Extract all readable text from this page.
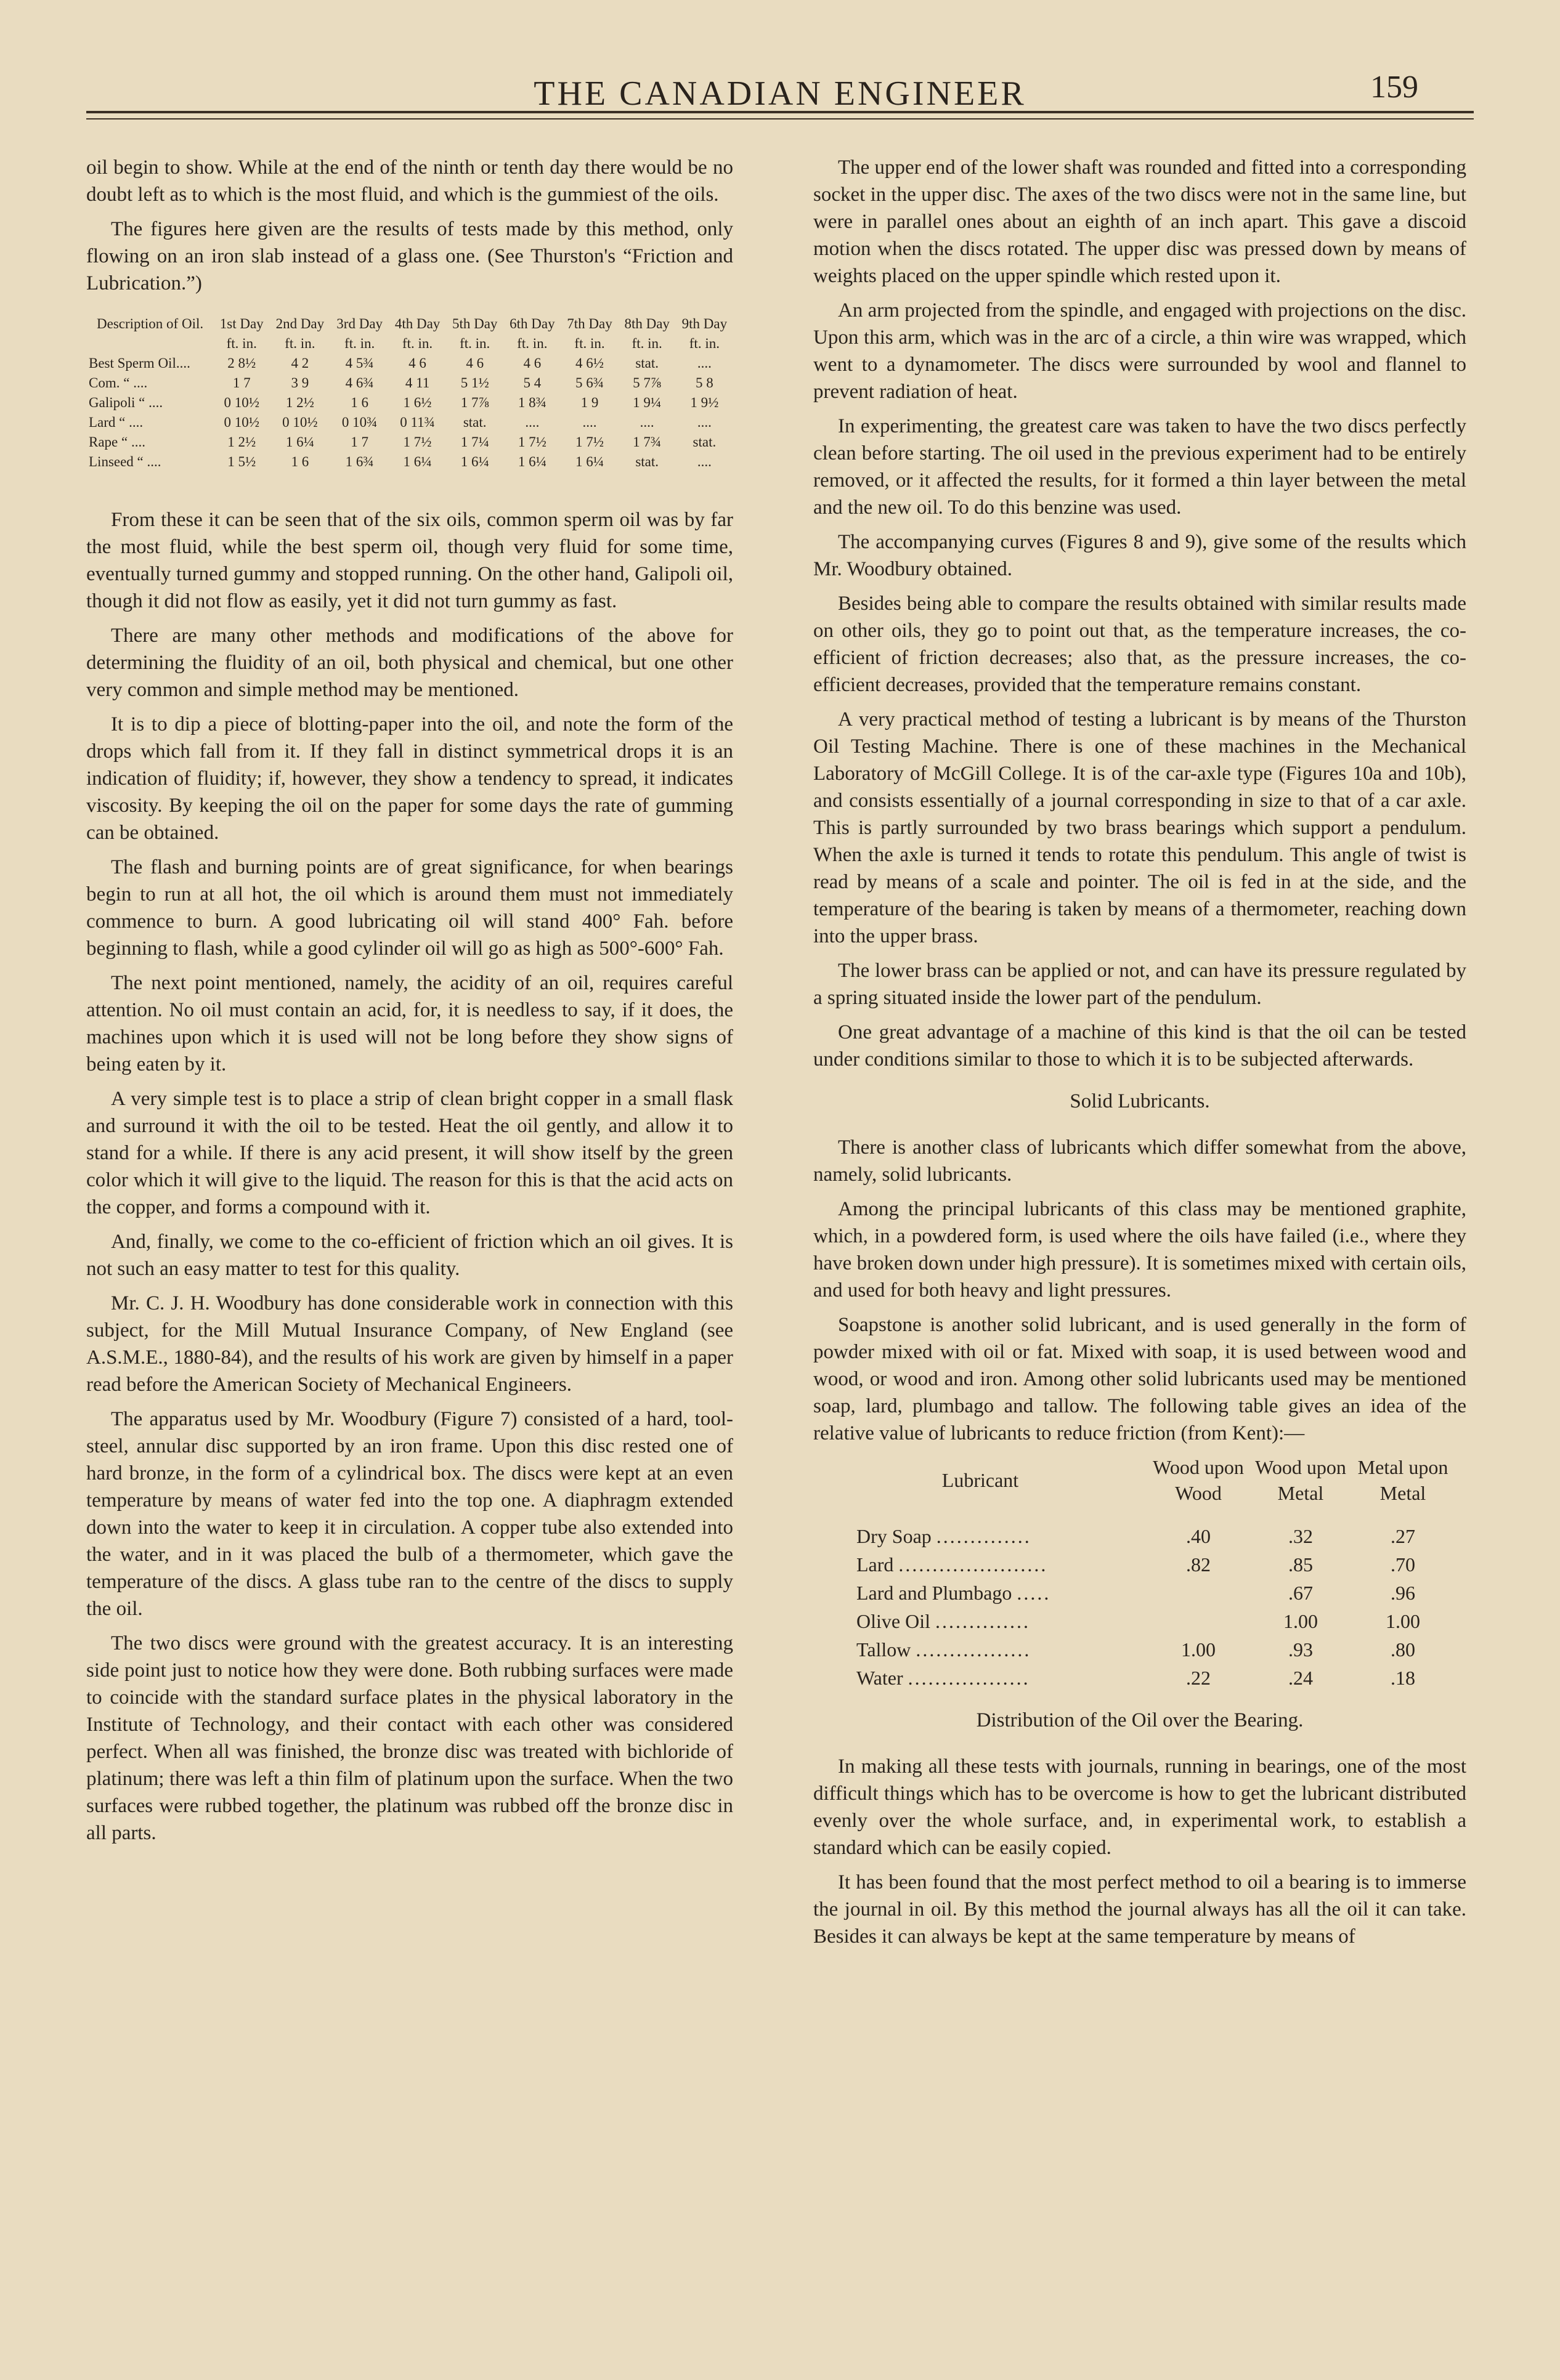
THE CANADIAN ENGINEER	159

oil begin to show. While at the end of the ninth or tenth day there would be no doubt left as to which is the most fluid, and which is the gummiest of the oils.

The figures here given are the results of tests made by this method, only flowing on an iron slab instead of a glass one. (See Thurston's “Friction and Lubrication.”)

Description of Oil.	1st Day	2nd Day	3rd Day	4th Day	5th Day	6th Day	7th Day	8th Day	9th Day
	ft. in.	ft. in.	ft. in.	ft. in.	ft. in.	ft. in.	ft. in.	ft. in.	ft. in.
Best Sperm Oil....	2 8½	4 2	4 5¾	4 6	4 6	4 6	4 6½	stat.	....
Com. “ ....	1 7	3 9	4 6¾	4 11	5 1½	5 4	5 6¾	5 7⅞	5 8
Galipoli “ ....	0 10½	1 2½	1 6	1 6½	1 7⅞	1 8¾	1 9	1 9¼	1 9½
Lard “ ....	0 10½	0 10½	0 10¾	0 11¾	stat.	....	....	....	....
Rape “ ....	1 2½	1 6¼	1 7	1 7½	1 7¼	1 7½	1 7½	1 7¾	stat.
Linseed “ ....	1 5½	1 6	1 6¾	1 6¼	1 6¼	1 6¼	1 6¼	stat.	....

From these it can be seen that of the six oils, common sperm oil was by far the most fluid, while the best sperm oil, though very fluid for some time, eventually turned gummy and stopped running. On the other hand, Galipoli oil, though it did not flow as easily, yet it did not turn gummy as fast.

There are many other methods and modifications of the above for determining the fluidity of an oil, both physical and chemical, but one other very common and simple method may be mentioned.

It is to dip a piece of blotting-paper into the oil, and note the form of the drops which fall from it. If they fall in distinct symmetrical drops it is an indication of fluidity; if, however, they show a tendency to spread, it indicates viscosity. By keeping the oil on the paper for some days the rate of gumming can be obtained.

The flash and burning points are of great significance, for when bearings begin to run at all hot, the oil which is around them must not immediately commence to burn. A good lubricating oil will stand 400° Fah. before beginning to flash, while a good cylinder oil will go as high as 500°-600° Fah.

The next point mentioned, namely, the acidity of an oil, requires careful attention. No oil must contain an acid, for, it is needless to say, if it does, the machines upon which it is used will not be long before they show signs of being eaten by it.

A very simple test is to place a strip of clean bright copper in a small flask and surround it with the oil to be tested. Heat the oil gently, and allow it to stand for a while. If there is any acid present, it will show itself by the green color which it will give to the liquid. The reason for this is that the acid acts on the copper, and forms a compound with it.

And, finally, we come to the co-efficient of friction which an oil gives. It is not such an easy matter to test for this quality.

Mr. C. J. H. Woodbury has done considerable work in connection with this subject, for the Mill Mutual Insurance Company, of New England (see A.S.M.E., 1880-84), and the results of his work are given by himself in a paper read before the American Society of Mechanical Engineers.

The apparatus used by Mr. Woodbury (Figure 7) consisted of a hard, tool-steel, annular disc supported by an iron frame. Upon this disc rested one of hard bronze, in the form of a cylindrical box. The discs were kept at an even temperature by means of water fed into the top one. A diaphragm extended down into the water to keep it in circulation. A copper tube also extended into the water, and in it was placed the bulb of a thermometer, which gave the temperature of the discs. A glass tube ran to the centre of the discs to supply the oil.

The two discs were ground with the greatest accuracy. It is an interesting side point just to notice how they were done. Both rubbing surfaces were made to coincide with the standard surface plates in the physical laboratory in the Institute of Technology, and their contact with each other was considered perfect. When all was finished, the bronze disc was treated with bichloride of platinum; there was left a thin film of platinum upon the surface. When the two surfaces were rubbed together, the platinum was rubbed off the bronze disc in all parts.

The upper end of the lower shaft was rounded and fitted into a corresponding socket in the upper disc. The axes of the two discs were not in the same line, but were in parallel ones about an eighth of an inch apart. This gave a discoid motion when the discs rotated. The upper disc was pressed down by means of weights placed on the upper spindle which rested upon it.

An arm projected from the spindle, and engaged with projections on the disc. Upon this arm, which was in the arc of a circle, a thin wire was wrapped, which went to a dynamometer. The discs were surrounded by wool and flannel to prevent radiation of heat.

In experimenting, the greatest care was taken to have the two discs perfectly clean before starting. The oil used in the previous experiment had to be entirely removed, or it affected the results, for it formed a thin layer between the metal and the new oil. To do this benzine was used.

The accompanying curves (Figures 8 and 9), give some of the results which Mr. Woodbury obtained.

Besides being able to compare the results obtained with similar results made on other oils, they go to point out that, as the temperature increases, the co-efficient of friction decreases; also that, as the pressure increases, the co-efficient decreases, provided that the temperature remains constant.

A very practical method of testing a lubricant is by means of the Thurston Oil Testing Machine. There is one of these machines in the Mechanical Laboratory of McGill College. It is of the car-axle type (Figures 10a and 10b), and consists essentially of a journal corresponding in size to that of a car axle. This is partly surrounded by two brass bearings which support a pendulum. When the axle is turned it tends to rotate this pendulum. This angle of twist is read by means of a scale and pointer. The oil is fed in at the side, and the temperature of the bearing is taken by means of a thermometer, reaching down into the upper brass.

The lower brass can be applied or not, and can have its pressure regulated by a spring situated inside the lower part of the pendulum.

One great advantage of a machine of this kind is that the oil can be tested under conditions similar to those to which it is to be subjected afterwards.

Solid Lubricants.

There is another class of lubricants which differ somewhat from the above, namely, solid lubricants.

Among the principal lubricants of this class may be mentioned graphite, which, in a powdered form, is used where the oils have failed (i.e., where they have broken down under high pressure). It is sometimes mixed with certain oils, and used for both heavy and light pressures.

Soapstone is another solid lubricant, and is used generally in the form of powder mixed with oil or fat. Mixed with soap, it is used between wood and wood, or wood and iron. Among other solid lubricants used may be mentioned soap, lard, plumbago and tallow. The following table gives an idea of the relative value of lubricants to reduce friction (from Kent):—

Lubricant	Wood upon Wood	Wood upon Metal	Metal upon Metal

Dry Soap ..............	.40	.32	.27
Lard ......................	.82	.85	.70
Lard and Plumbago .....		.67	.96
Olive Oil ..............		1.00	1.00
Tallow .................	1.00	.93	.80
Water ..................	.22	.24	.18
Distribution of the Oil over the Bearing.

In making all these tests with journals, running in bearings, one of the most difficult things which has to be overcome is how to get the lubricant distributed evenly over the whole surface, and, in experimental work, to establish a standard which can be easily copied.

It has been found that the most perfect method to oil a bearing is to immerse the journal in oil. By this method the journal always has all the oil it can take. Besides it can always be kept at the same temperature by means of
